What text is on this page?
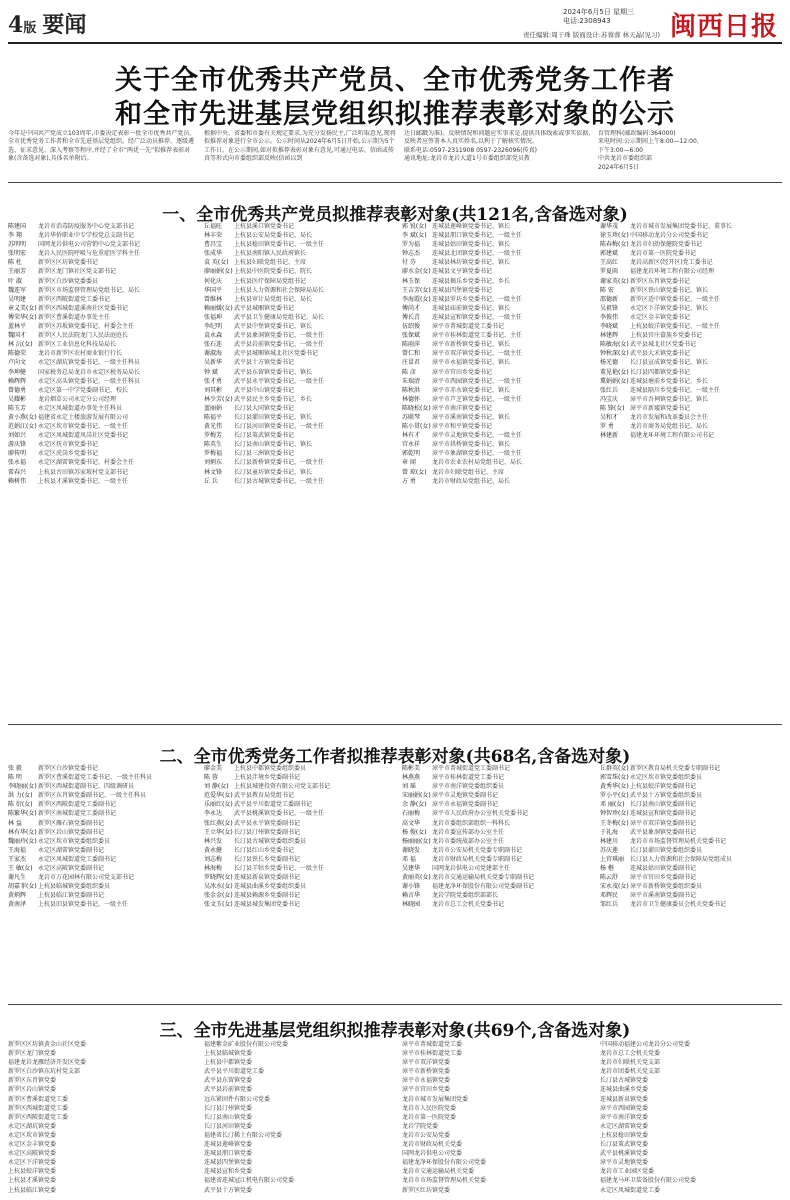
4版 要闻	2024年6月5日 星期三
电话:2308943
责任编辑:周干珠 版面设计:苏蓉蓉 林天晶(见习) 闽西日报
关于全市优秀共产党员、全市优秀党务工作者
和全市先进基层党组织拟推荐表彰对象的公示
今年是中国共产党成立103周年,市委决定表彰一批全市优秀共产党员、全市优秀党务工作者和全市先进基层党组织。经广泛动员推荐、逐级遴选、征求意见、深入考察等程序,并经了全市“两优一先”拟推荐表彰对象(含备选对象),具体名单附后。
根据中央、省委和市委有关规定要求,为充分发扬民主,广泛听取意见,现将拟推荐对象进行全市公示。公示时间从2024年6月5日开始,公示期为5个工作日。在公示期间,如对拟推荐表彰对象有意见,可通过电话、信函或传真等形式向市委组织部反映(信函以到
达日邮戳为准)。反映情况和问题应实事求是,提供具体线索或事实依据,反映者应签署本人真实姓名,以利于了解核实情况。
联系电话:0597-2311908 0597-2326096(传真)
通讯地址:龙岩市龙岩大道1号市委组织部党员教
育管理科(邮政编码:364000)
来电时间:公示期间上午8:00—12:00、
下午3:00—6:00
中共龙岩市委组织部
2024年6月5日
一、全市优秀共产党员拟推荐表彰对象(共121名,含备选对象)
陈建国 龙岩市消毒防疫服务中心党支部书记
李 翔	龙岩华侨职业中专学校党总支副书记
苏明明 国网龙岩供电公司营销中心党支部书记
张明宏 龙岩人民医院呼吸与危重症医学科主任
陈 杜	新罗区区坊镇党委书记
王丽芳 新罗区龙门镇社区党支部书记
叶 淑	新罗区白沙镇党委委员
魏连军 新罗区市场监督管理局党组书记、局长
吴明建 新罗区西陂街道党工委书记
章义美(女)新罗区西城街道溪南社区党委书记
傅荣华(女)新罗区曹溪街道办事处主任
蓝林平 新罗区苏坂镇党委书记、村委会主任
魏国才 新罗区人民法院龙门人民法庭庭长
林 沅(女) 新罗区工业信息化科技局局长
陈德荣 龙岩市新罗区农村商业银行行长
卢向文 永定区湖坑镇党委书记、一级主任科员
李坤健 国家税务总局龙岩市永定区税务局局长
赖辉辉 永定区高头镇党委书记、一级主任科员
曾德勇 永定区第一中学党委副书记、校长
吴耀彬 龙岩烟草公司永定分公司经理
陈玉芳 永定区凤城街道办事处主任科员
黄小燕(女)福建省永定土楼旅游发展有限公司
范娟江(女)永定区坎市镇党委书记、一级主任
刘如兴 永定区凤城街道凤岗社区党委书记
游庆锋 永定区抚市镇党委书记
廖传明 永定区虎岗乡党委书记
张永福 永定区湖雷镇党委书记、村委会主任
雷春兴 上杭县古田镇苏家坡村党支部书记
赖树伟 上杭县才溪镇党委书记、一级主任
丘福旺 上杭县溪口镇党委书记
林丰荣 上杭县公安局党委书记、局长
曹昌宝 上杭县稔田镇党委书记、一级主任
张成华 上杭县南阳镇人民政府镇长
袁 英(女) 上杭县妇联党组书记、主席
廖丽娟(女)上杭县中医院党委书记、院长
何化庆 上杭县医疗保障局党组书记
华国平 上杭县人力资源和社会保障局局长
曾维林 上杭县审计局党组书记、局长
赖丽媛(女)武平县城厢镇党委书记
张福坤 武平县卫生健康局党组书记、局长
李纪明 武平县中堡镇党委书记、镇长
袁永森 武平县象洞镇党委书记、一级主任
张石连 武平县岩前镇党委书记、一级主任
谢淑海 武平县城厢镇城北社区党委书记
吴新华 武平县十方镇党委书记
钟 斌	武平县东留镇党委书记、镇长
张才勇 武平县永平镇党委书记、一级主任
刘其彬 武平县中山镇党委书记
林少芳(女)武平县民主乡党委书记、乡长
蓝丽娟 长汀县大同镇党委书记
陈福平 长汀县濯田镇党委书记、镇长
黄光伟 长汀县河田镇党委书记、一级主任
罗梅芳 长汀县策武镇党委书记
陈英生 长汀县南山镇党委书记、镇长
罗梅福 长汀县三洲镇党委书记
刘炳东 长汀县新桥镇党委书记、一级主任
林文锋 长汀县童坊镇党委书记、镇长
丘 兵	长汀县古城镇党委书记、一级主任
郭 锐(女) 连城县莲峰镇党委书记、镇长
李 斌(女) 连城县朋口镇党委书记、一级主任
罗为福 连城县姑田镇党委书记、镇长
钟志杰 连城县北团镇党委书记、一级主任
付 芬	连城县林坊镇党委书记、镇长
廖水金(女)连城县文亨镇党委书记
林玉保 连城县揭乐乡党委书记、乡长
王吉芳(女)连城县四堡镇党委书记
李海霞(女)连城县罗坊乡党委书记、一级主任
傅尚才 连城县庙前镇党委书记、镇长
傅长青 连城县宣和镇党委书记、一级主任
伍绍俊 漳平市菁城街道党工委书记
张保斌 漳平市桂林街道党工委书记、主任
陈雨萍 漳平市新桥镇党委书记、镇长
曾仁和 漳平市双洋镇党委书记、一级主任
庄冒君 漳平市永福镇党委书记、镇长
陈 彦	漳平市官田乡党委书记
朱瑞清 漳平市西园镇党委书记、一级主任
陈秋洪 漳平市赤水镇党委书记、镇长
林德怀 漳平市芦芝镇党委书记、一级主任
陈晓松(女)漳平市南洋镇党委书记
苏联琴 漳平市溪南镇党委书记、镇长
陈小贯(女)漳平市和平镇党委书记
林有才 漳平市灵地镇党委书记、一级主任
宫永祥 漳平市拱桥镇党委书记、镇长
郭乾明 漳平市象湖镇党委书记、一级主任
章 闻	龙岩市农业农村局党组书记、局长
曾 琼(女) 龙岩市妇联党组书记、主席
方 勇	龙岩市财政局党组书记、局长
谢华茂 龙岩市城市发展集团党委书记、董事长
徐玉珍(女)中国移动龙岩分公司党委书记
陈春梅(女)龙岩市妇幼保健院党委书记
郭建斌 龙岩市第一医院党委书记
王高红 龙岩高新区(经开区)党工委书记
罗夏雨 福建龙岩环境工程有限公司经理
谢家英(女)新罗区东肖镇党委书记
陈 宏	新罗区铁山镇党委书记、镇长
邵德新 新罗区适中镇党委书记、一级主任
吴祖锋 永定区下洋镇党委书记、镇长
李俊伟 永定区金丰镇党委书记
李晓斌 上杭县蛟洋镇党委书记、一级主任
林建辉 上杭县官庄畲族乡党委书记
陈敏海(女)武平县城北社区党委书记
钟秋深(女)武平县大禾镇党委书记
杨光德 长汀县宣成镇党委书记、镇长
董见艳(女)长汀县四都镇党委书记
冀娟娟(女)连城县塘前乡党委书记、乡长
张红兵 连城县隔川乡党委书记、一级主任
冯宝庆 漳平市吾祠镇党委书记、镇长
陈 锋(女) 漳平市新墟镇党委书记
吴和才 龙岩市发展和改革委员会主任
罗 勇	龙岩市商务局党组书记、局长
林建新 福建龙环环境工程有限公司书记
二、全市优秀党务工作者拟推荐表彰对象(共68名,含备选对象)
张 毅	新罗区白沙镇党委书记
陈 明	新罗区曹溪街道党工委书记、一级主任科员
李晓丽(女)新罗区西城街道副书记、四级调研员
洪 力(女) 新罗区东肖镇党委副书记、一级主任科员
陈 衍(女) 新罗区西陂街道党工委副书记
陈繁华(女)新罗区南城街道党工委副书记
林 益	新罗区雁石镇党委副书记
林有华(女)新罗区岩山镇党委副书记
魏丽玲(女)永定区坎市镇党委组织委员
王海福 永定区湖雷镇党委副书记
王家杰 永定区凤城街道党工委副书记
王 敏(女) 永定区高陂镇党委副书记
谢凡生 龙岩市万花园林有限公司党支部书记
胡嘉菲(女)上杭县临城镇党委组织委员
黄炳辉 上杭县临江镇党委副书记
黄南泽 上杭县旧县镇党委书记、一级主任
廖金美 上杭县中都镇党委组织委员
陈 蓉	上杭县泮境乡党委副书记
刘 静(女) 上杭县城建投资有限公司党支部书记
范爱华(女)武平县教育局党组书记
乐丽红(女)武平县平川街道党工委副书记
李永达 武平县桃溪镇党委书记、一级主任
张红燕(女)武平县永平镇党委副书记
王立华(女)长汀县汀州镇党委副书记
林兴发 长汀县古城镇党委组织委员
黄永健 长汀县红山乡党委书记
刘志梅 长汀县铁长乡党委副书记
林海梅 长汀县羊牯乡党委书记、一级主任
罗晓辉(女)连城县新泉镇党委副书记
吴冰水(女)连城县曲溪乡党委组织委员
张金金(女)连城县赖源乡党委副书记
张文玉(女)连城县城发集团党委书记
陈彬美 漳平市菁城街道党工委副书记
林燕燕 漳平市桂林街道党工委书记
刘 瑶	漳平市南洋镇党委组织委员
宋丽娟(女)漳平市灵地镇党委副书记
余 静(女) 漳平市永福镇党委副书记
石丽梅 漳平市人民政府办公室机关党委书记
高文华 龙岩市委组织部组织一科科长
杨 俊(女) 龙岩市委宣传部办公室主任
杨丽丽(女)龙岩市委统战部办公室主任
谢晓发 龙岩市公安局机关党委专职副书记
邓 福	龙岩市财政局机关党委专职副书记
吴建华 国网龙岩供电公司党建部主任
黄丽英(女)龙岩市交通运输局机关党委专职副书记
谢小锋 福建龙净环保股份有限公司党委副书记
赖言华 龙岩学院党委组织部部长
林晓园 龙岩市总工会机关党委书记
丘群英(女)新罗区教育局机关党委专职副书记
郭雪珠(女)永定区坎市镇党委组织委员
黄秀华(女)上杭县蛟洋镇党委副书记
罗小平(女)武平县十方镇党委组织委员
邓 丽(女) 长汀县南山镇党委副书记
钟智珍(女)连城县宣和镇党委副书记
王冬梅(女)漳平市双洋镇党委副书记
于礼海 武平县象洞镇党委副书记
林建川 龙岩市市场监督管理局机关党委书记
苏庆莲 长汀县濯田镇党委组织委员
上官琪丽 长汀县人力资源和社会保障局党组成员
杨 楷	连城县姑田镇党委副书记
陈云舒 漳平市官田乡党委副书记
宋永茂(女)漳平市新桥镇党委组织委员
邓辉民 漳平市溪南镇党委副书记
邹红兵 龙岩市卫生健康委员会机关党委书记
三、全市先进基层党组织拟推荐表彰对象(共69个,含备选对象)
新罗区区坊镇黄金山社区党委
新罗区龙门镇党委
福建龙岩龙雁经济开发区党委
新罗区白沙镇东坑村党支部
新罗区东肖镇党委
新罗区岩山镇党委
新罗区曹溪街道党工委
新罗区西城街道党工委
新罗区西陂街道党工委
永定区湖坑镇党委
永定区坎市镇党委
永定区金丰镇党委
永定区高陂镇党委
永定区下洋镇党委
上杭县蛟洋镇党委
上杭县才溪镇党委
上杭县临江镇党委
福建紫金矿业股份有限公司党委
上杭县临城镇党委
上杭县中都镇党委
武平县平川街道党工委
武平县东留镇党委
武平县岩前镇党委
远东紧固件有限公司党委
长汀县汀州镇党委
长汀县南山镇党委
长汀县河田镇党委
福建省长汀稀土有限公司党委
连城县莲峰镇党委
连城县朋口镇党委
连城县四堡镇党委
连城县宣和乡党委
福建省连城冠江机电有限公司党委
武平县十方镇党委
漳平市菁城街道党工委
漳平市桂林街道党工委
漳平市双洋镇党委
漳平市新桥镇党委
漳平市永福镇党委
漳平市官田乡党委
龙岩市城市发展集团党委
龙岩市人民医院党委
龙岩市第一医院党委
龙岩学院党委
龙岩市公安局党委
龙岩市财政局机关党委
国网龙岩供电公司党委
福建龙净环保股份有限公司党委
龙岩市交通运输局机关党委
龙岩市市场监督管理局机关党委
新罗区红坊镇党委
中国移动福建公司龙岩分公司党委
龙岩市总工会机关党委
龙岩市妇联机关党支部
龙岩市团委机关党支部
长汀县古城镇党委
连城县曲溪乡党委
连城县新泉镇党委
漳平市西园镇党委
漳平市南洋镇党委
永定区湖雷镇党委
上杭县稔田镇党委
长汀县策武镇党委
武平县桃溪镇党委
漳平市灵地镇党委
龙岩市工业园区党委
福建龙马环卫装备股份有限公司党委
永定区凤城街道党工委
